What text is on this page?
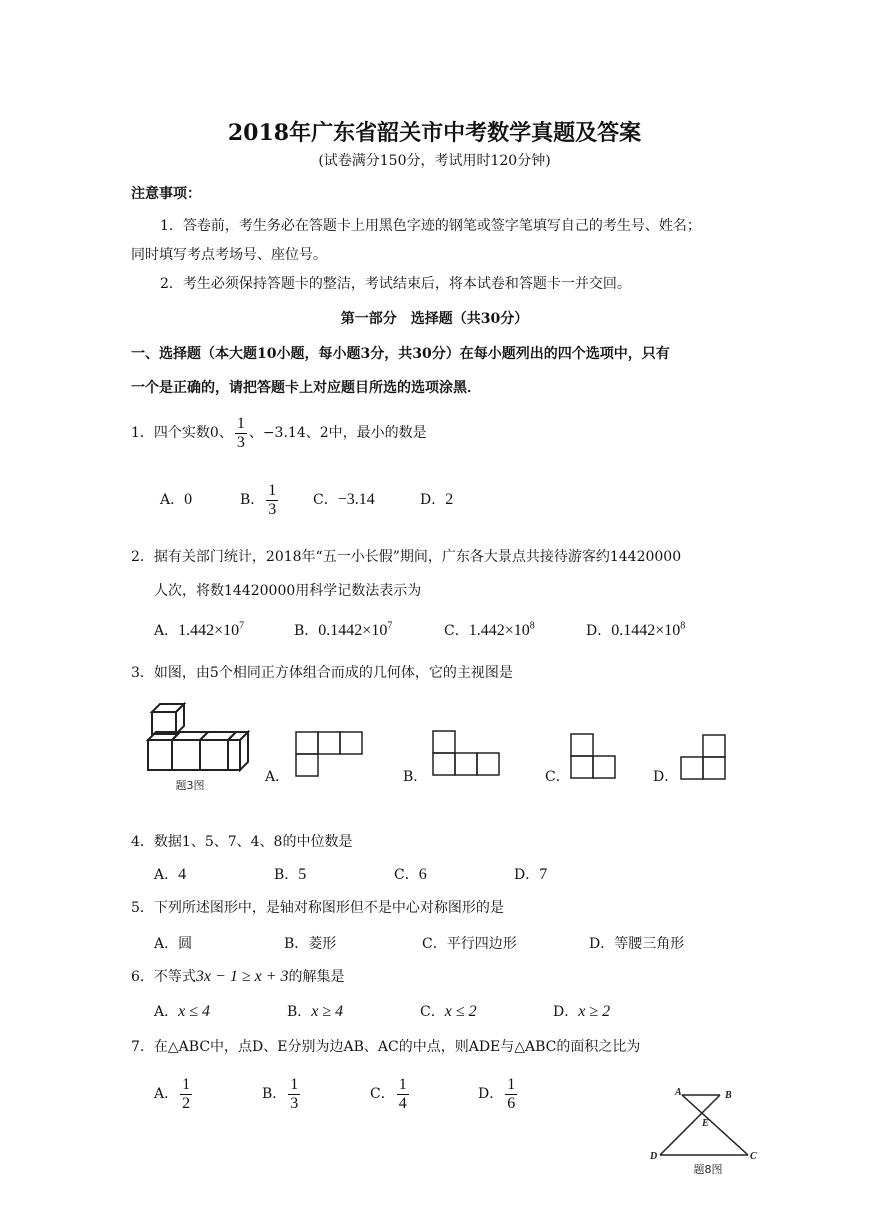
2018年广东省韶关市中考数学真题及答案
(试卷满分150分，考试用时120分钟)
注意事项：
1．答卷前，考生务必在答题卡上用黑色字迹的钢笔或签字笔填写自己的考生号、姓名；
同时填写考点考场号、座位号。
2．考生必须保持答题卡的整洁，考试结束后，将本试卷和答题卡一并交回。
第一部分　选择题（共30分）
一、选择题（本大题10小题，每小题3分，共30分）在每小题列出的四个选项中，只有
一个是正确的，请把答题卡上对应题目所选的选项涂黑．
1．四个实数0、 $\frac{1}{3}$ 、−3.14、2中，最小的数是
A．0	B． $\frac{1}{3}$ C．−3.14	D．2
2．据有关部门统计，2018年“五一小长假”期间，广东各大景点共接待游客约14420000
人次，将数14420000用科学记数法表示为
A．$1.442\times 10^7$	B．$0.1442\times 10^7$	C．$1.442\times 10^8$	D．$0.1442\times 10^8$
3．如图，由5个相同正方体组合而成的几何体，它的主视图是
题3图
A．	B．	C．	D．
4．数据1、5、7、4、8的中位数是
A．4	B．5	C．6	D．7
5．下列所述图形中，是轴对称图形但不是中心对称图形的是
A．圆	B．菱形	C．平行四边形	D．等腰三角形
6．不等式3x − 1 ≥ x + 3的解集是
A．x ≤ 4	B．x ≥ 4	C．x ≤ 2	D．x ≥ 2
7．在△ABC中，点D、E分别为边AB、AC的中点，则ADE与△ABC的面积之比为
A． $\frac{1}{2}$	B． $\frac{1}{3}$	C． $\frac{1}{4}$	D． $\frac{1}{6}$	A	B
E
D	C
题8图
